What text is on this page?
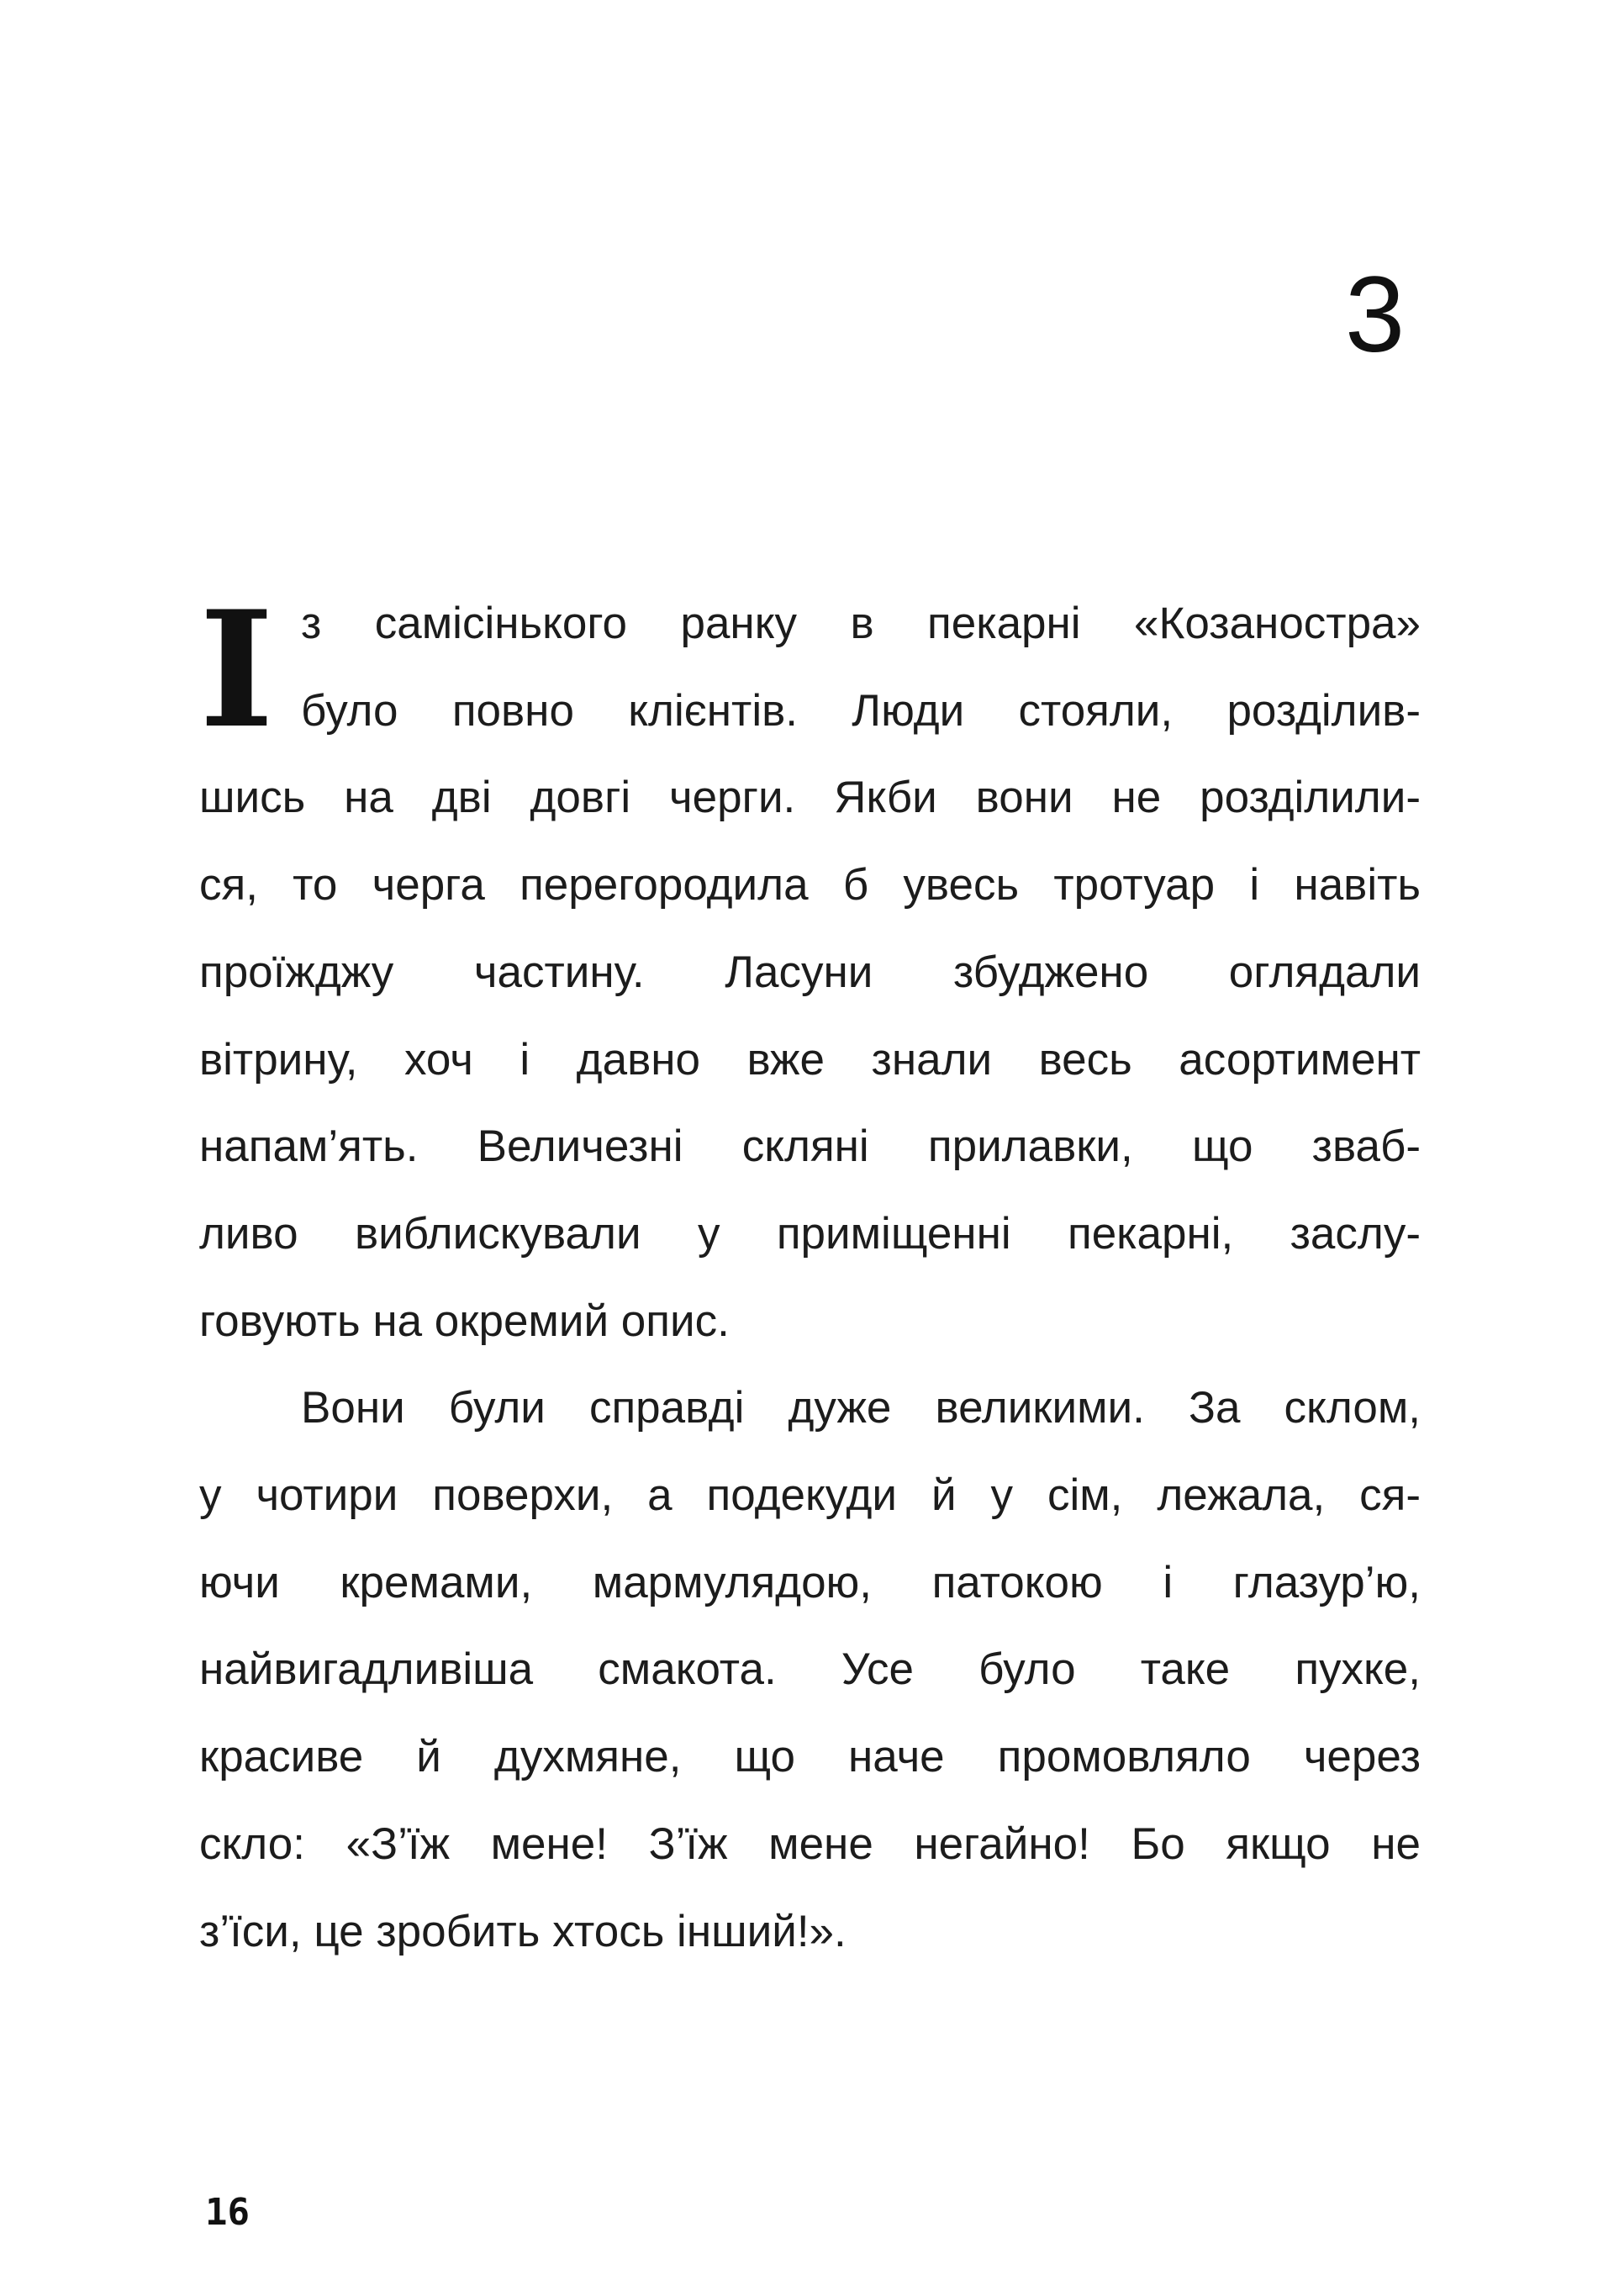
3
І з самісінького ранку в пекарні «Козаностра»
було повно клієнтів. Люди стояли, розділив-
шись на дві довгі черги. Якби вони не розділили-
ся, то черга перегородила б увесь тротуар і навіть
проїжджу частину. Ласуни збуджено оглядали
вітрину, хоч і давно вже знали весь асортимент
напам’ять. Величезні скляні прилавки, що зваб-
ливо виблискували у приміщенні пекарні, заслу-
говують на окремий опис.
Вони були справді дуже великими. За склом,
у чотири поверхи, а подекуди й у сім, лежала, ся-
ючи кремами, мармулядою, патокою і глазур’ю,
найвигадливіша смакота. Усе було таке пухке,
красиве й духмяне, що наче промовляло через
скло: «З’їж мене! З’їж мене негайно! Бо якщо не
з’їси, це зробить хтось інший!».
16
